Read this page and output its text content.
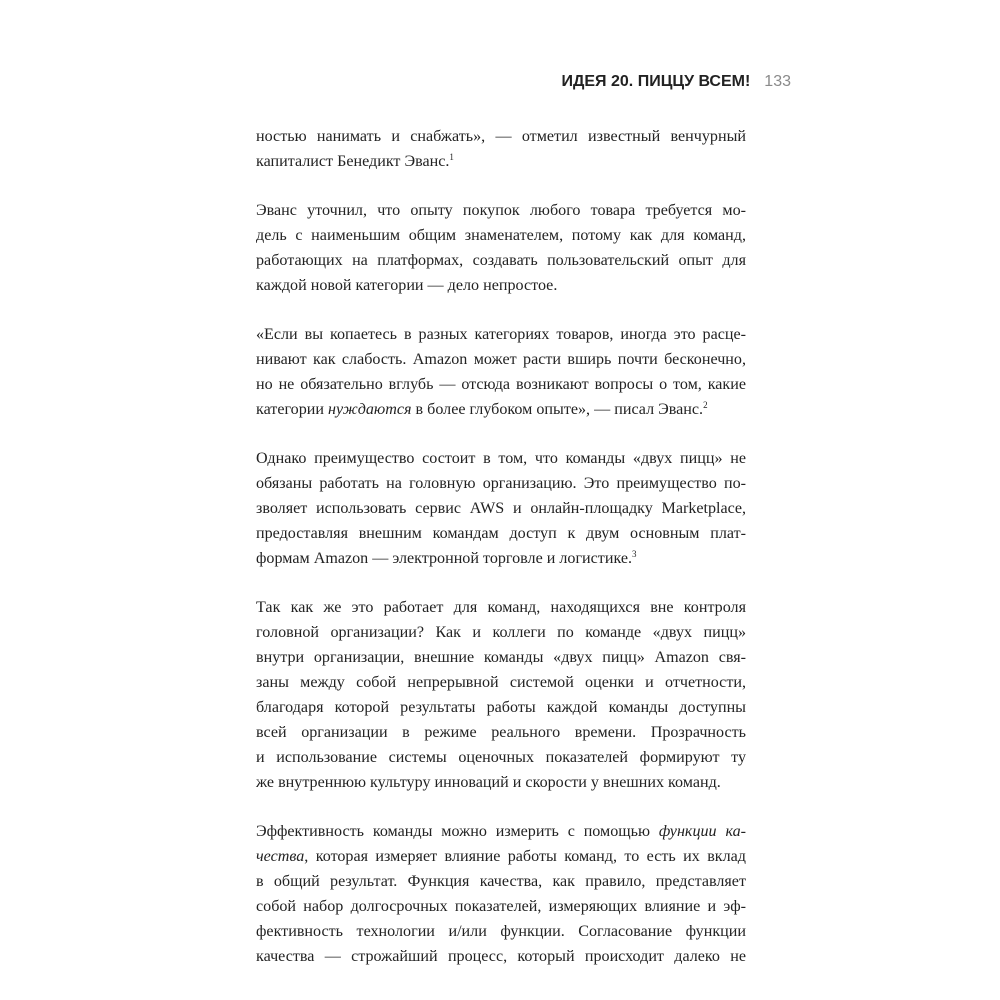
ИДЕЯ 20. ПИЦЦУ ВСЕМ! 133
ностью нанимать и снабжать», — отметил известный венчурный
капиталист Бенедикт Эванс.$^1$
Эванс уточнил, что опыту покупок любого товара требуется мо-
дель с наименьшим общим знаменателем, потому как для команд,
работающих на платформах, создавать пользовательский опыт для
каждой новой категории — дело непростое.
«Если вы копаетесь в разных категориях товаров, иногда это расце-
нивают как слабость. Amazon может расти вширь почти бесконечно,
но не обязательно вглубь — отсюда возникают вопросы о том, какие
категории нуждаются в более глубоком опыте», — писал Эванс.$^2$
Однако преимущество состоит в том, что команды «двух пицц» не
обязаны работать на головную организацию. Это преимущество по-
зволяет использовать сервис AWS и онлайн-площадку Marketplace,
предоставляя внешним командам доступ к двум основным плат-
формам Amazon — электронной торговле и логистике.$^3$
Так как же это работает для команд, находящихся вне контроля
головной организации? Как и коллеги по команде «двух пицц»
внутри организации, внешние команды «двух пицц» Amazon свя-
заны между собой непрерывной системой оценки и отчетности,
благодаря которой результаты работы каждой команды доступны
всей организации в режиме реального времени. Прозрачность
и использование системы оценочных показателей формируют ту
же внутреннюю культуру инноваций и скорости у внешних команд.
Эффективность команды можно измерить с помощью функции ка-
чества, которая измеряет влияние работы команд, то есть их вклад
в общий результат. Функция качества, как правило, представляет
собой набор долгосрочных показателей, измеряющих влияние и эф-
фективность технологии и/или функции. Согласование функции
качества — строжайший процесс, который происходит далеко не
